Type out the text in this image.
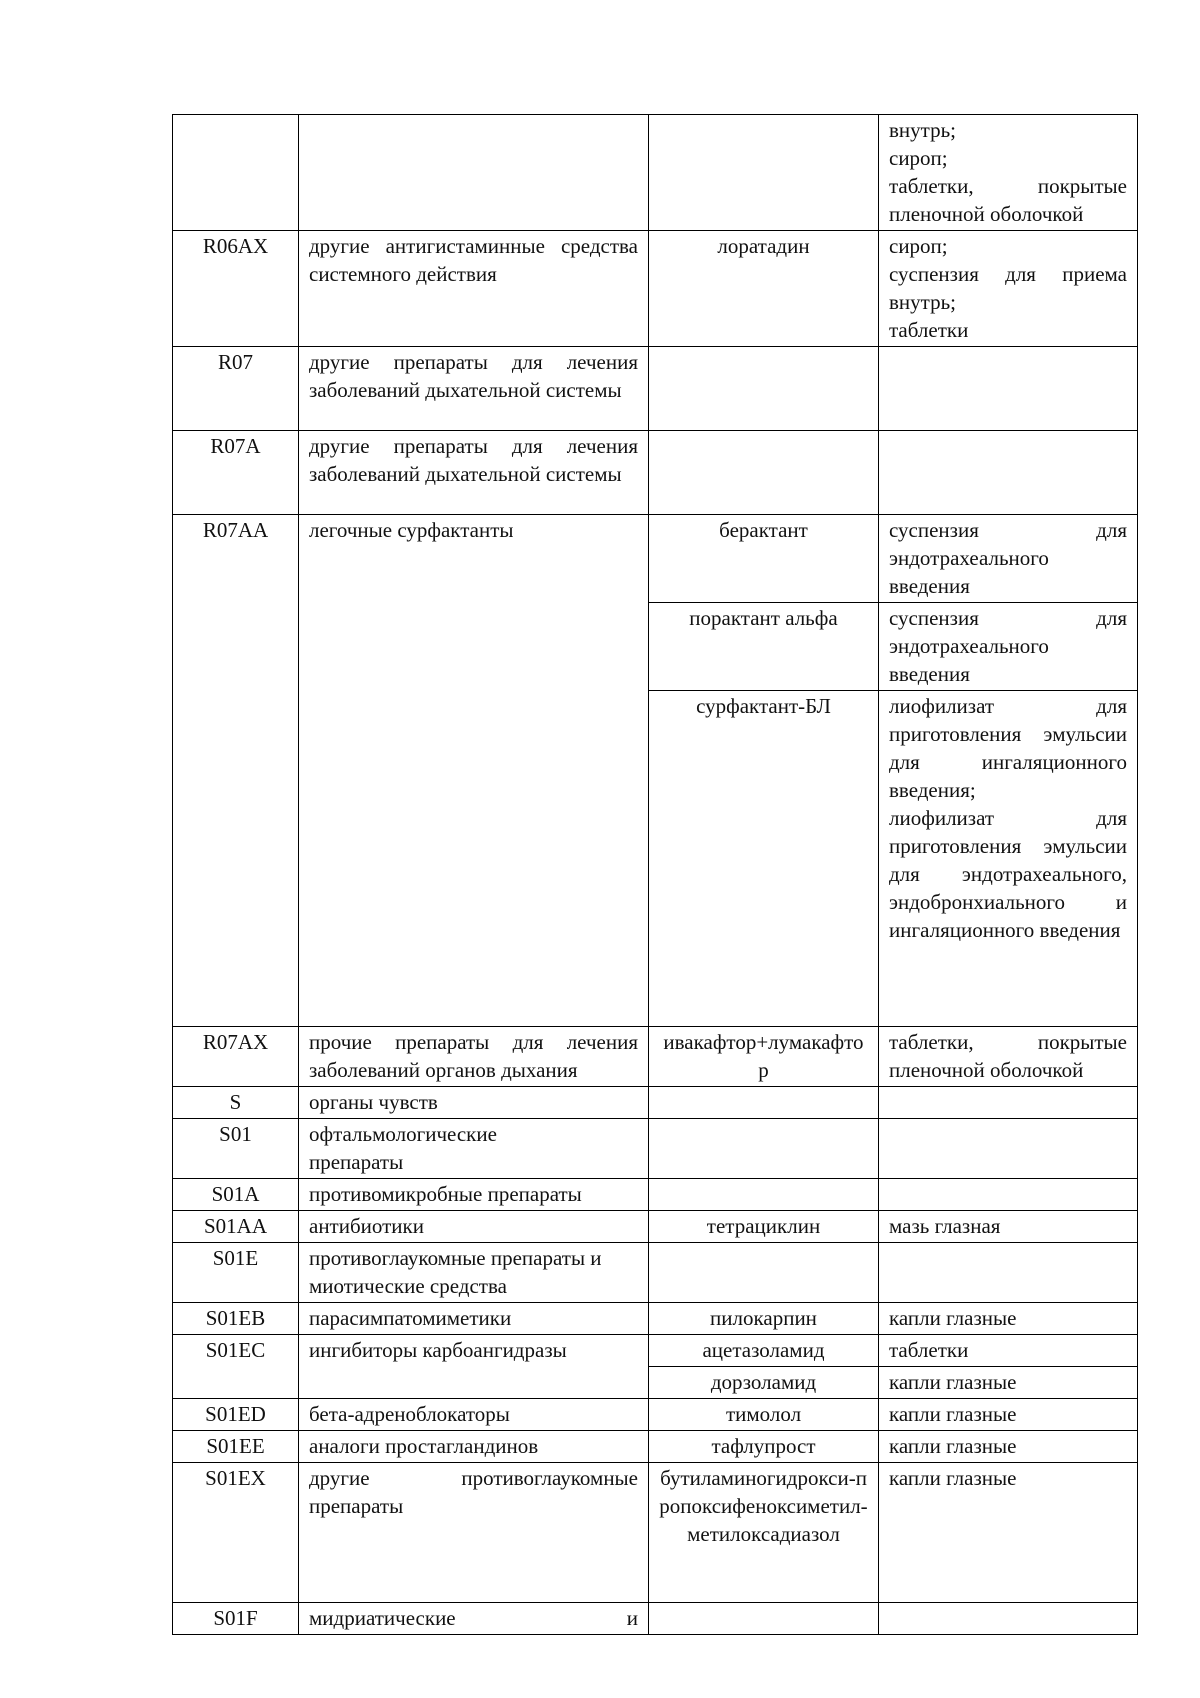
			внутрь;
сироп;
таблетки, покрытые пленочной оболочкой

R06AX	другие антигистаминные средства системного действия	лоратадин	сироп;
суспензия для приема внутрь;
таблетки

R07	другие препараты для лечения заболеваний дыхательной системы		
R07A	другие препараты для лечения заболеваний дыхательной системы		
R07AA	легочные сурфактанты	берактант	суспензия для эндотрахеального введения

		порактант альфа	суспензия для эндотрахеального введения

		сурфактант-БЛ	лиофилизат для приготовления эмульсии для ингаляционного введения;
лиофилизат для приготовления эмульсии для эндотрахеального, эндобронхиального и ингаляционного введения

R07AX	прочие препараты для лечения заболеваний органов дыхания	ивакафтор+лумакафтор	таблетки, покрытые пленочной оболочкой

S	органы чувств		
S01	офтальмологические препараты		
S01A	противомикробные препараты		
S01AA	антибиотики	тетрациклин	мазь глазная

S01E	противоглаукомные препараты и миотические средства		
S01EB	парасимпатомиметики	пилокарпин	капли глазные

S01EC	ингибиторы карбоангидразы	ацетазоламид	таблетки

		дорзоламид	капли глазные

S01ED	бета-адреноблокаторы	тимолол	капли глазные

S01EE	аналоги простагландинов	тафлупрост	капли глазные

S01EX	другие противоглаукомные препараты	бутиламиногидрокси-пропоксифеноксиметил-метилоксадиазол	капли глазные

S01F	мидриатические и		
